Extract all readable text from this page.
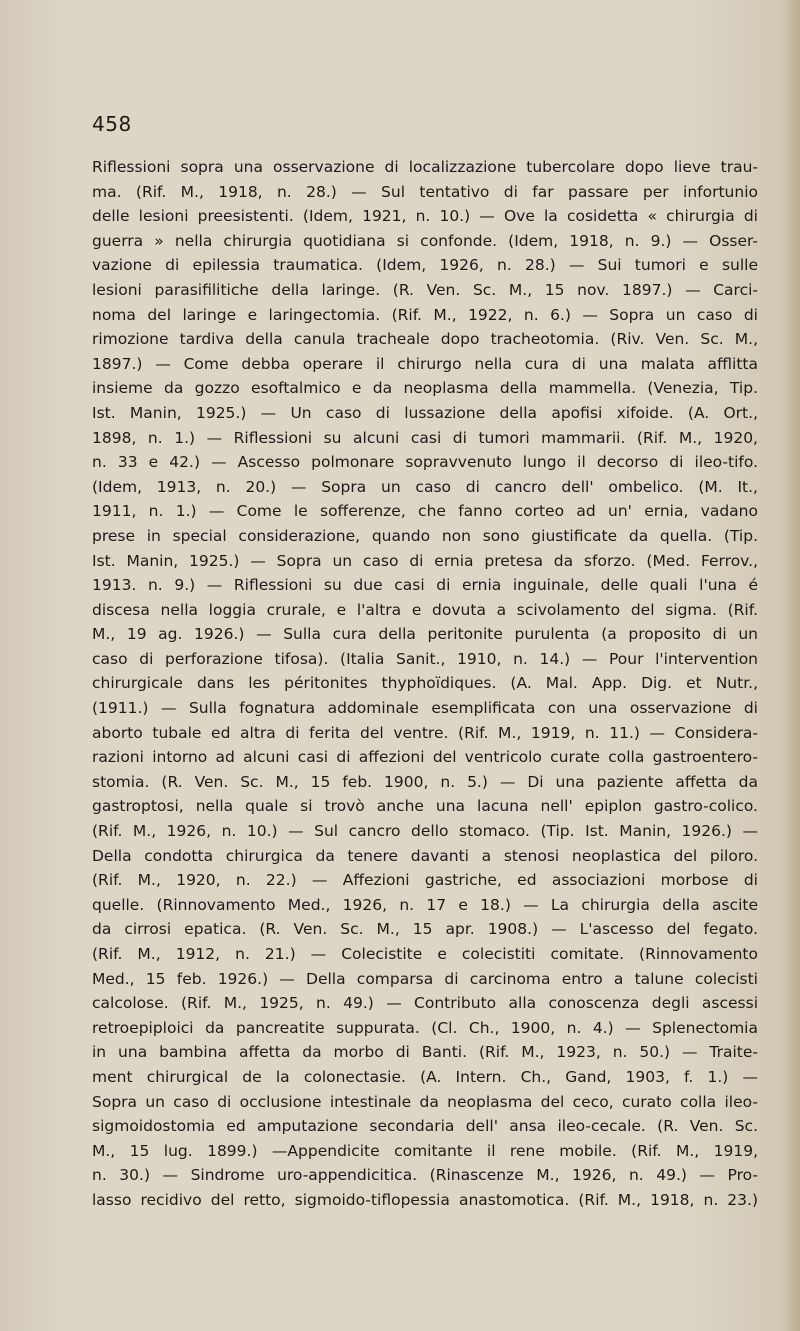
458
Riflessioni sopra una osservazione di localizzazione tubercolare dopo lieve trau-
ma. (Rif. M., 1918, n. 28.) — Sul tentativo di far passare per infortunio
delle lesioni preesistenti. (Idem, 1921, n. 10.) — Ove la cosidetta « chirurgia di
guerra » nella chirurgia quotidiana si confonde. (Idem, 1918, n. 9.) — Osser-
vazione di epilessia traumatica. (Idem, 1926, n. 28.) — Sui tumori e sulle
lesioni parasifilitiche della laringe. (R. Ven. Sc. M., 15 nov. 1897.) — Carci-
noma del laringe e laringectomia. (Rif. M., 1922, n. 6.) — Sopra un caso di
rimozione tardiva della canula tracheale dopo tracheotomia. (Riv. Ven. Sc. M.,
1897.) — Come debba operare il chirurgo nella cura di una malata afflitta
insieme da gozzo esoftalmico e da neoplasma della mammella. (Venezia, Tip.
Ist. Manin, 1925.) — Un caso di lussazione della apofisi xifoide. (A. Ort.,
1898, n. 1.) — Riflessioni su alcuni casi di tumori mammarii. (Rif. M., 1920,
n. 33 e 42.) — Ascesso polmonare sopravvenuto lungo il decorso di ileo-tifo.
(Idem, 1913, n. 20.) — Sopra un caso di cancro dell' ombelico. (M. It.,
1911, n. 1.) — Come le sofferenze, che fanno corteo ad un' ernia, vadano
prese in special considerazione, quando non sono giustificate da quella. (Tip.
Ist. Manin, 1925.) — Sopra un caso di ernia pretesa da sforzo. (Med. Ferrov.,
1913. n. 9.) — Riflessioni su due casi di ernia inguinale, delle quali l'una é
discesa nella loggia crurale, e l'altra e dovuta a scivolamento del sigma. (Rif.
M., 19 ag. 1926.) — Sulla cura della peritonite purulenta (a proposito di un
caso di perforazione tifosa). (Italia Sanit., 1910, n. 14.) — Pour l'intervention
chirurgicale dans les péritonites thyphoïdiques. (A. Mal. App. Dig. et Nutr.,
(1911.) — Sulla fognatura addominale esemplificata con una osservazione di
aborto tubale ed altra di ferita del ventre. (Rif. M., 1919, n. 11.) — Considera-
razioni intorno ad alcuni casi di affezioni del ventricolo curate colla gastroentero-
stomia. (R. Ven. Sc. M., 15 feb. 1900, n. 5.) — Di una paziente affetta da
gastroptosi, nella quale si trovò anche una lacuna nell' epiplon gastro-colico.
(Rif. M., 1926, n. 10.) — Sul cancro dello stomaco. (Tip. Ist. Manin, 1926.) —
Della condotta chirurgica da tenere davanti a stenosi neoplastica del piloro.
(Rif. M., 1920, n. 22.) — Affezioni gastriche, ed associazioni morbose di
quelle. (Rinnovamento Med., 1926, n. 17 e 18.) — La chirurgia della ascite
da cirrosi epatica. (R. Ven. Sc. M., 15 apr. 1908.) — L'ascesso del fegato.
(Rif. M., 1912, n. 21.) — Colecistite e colecistiti comitate. (Rinnovamento
Med., 15 feb. 1926.) — Della comparsa di carcinoma entro a talune colecisti
calcolose. (Rif. M., 1925, n. 49.) — Contributo alla conoscenza degli ascessi
retroepiploici da pancreatite suppurata. (Cl. Ch., 1900, n. 4.) — Splenectomia
in una bambina affetta da morbo di Banti. (Rif. M., 1923, n. 50.) — Traite-
ment chirurgical de la colonectasie. (A. Intern. Ch., Gand, 1903, f. 1.) —
Sopra un caso di occlusione intestinale da neoplasma del ceco, curato colla ileo-
sigmoidostomia ed amputazione secondaria dell' ansa ileo-cecale. (R. Ven. Sc.
M., 15 lug. 1899.) —Appendicite comitante il rene mobile. (Rif. M., 1919,
n. 30.) — Sindrome uro-appendicitica. (Rinascenze M., 1926, n. 49.) — Pro-
lasso recidivo del retto, sigmoido-tiflopessia anastomotica. (Rif. M., 1918, n. 23.)
